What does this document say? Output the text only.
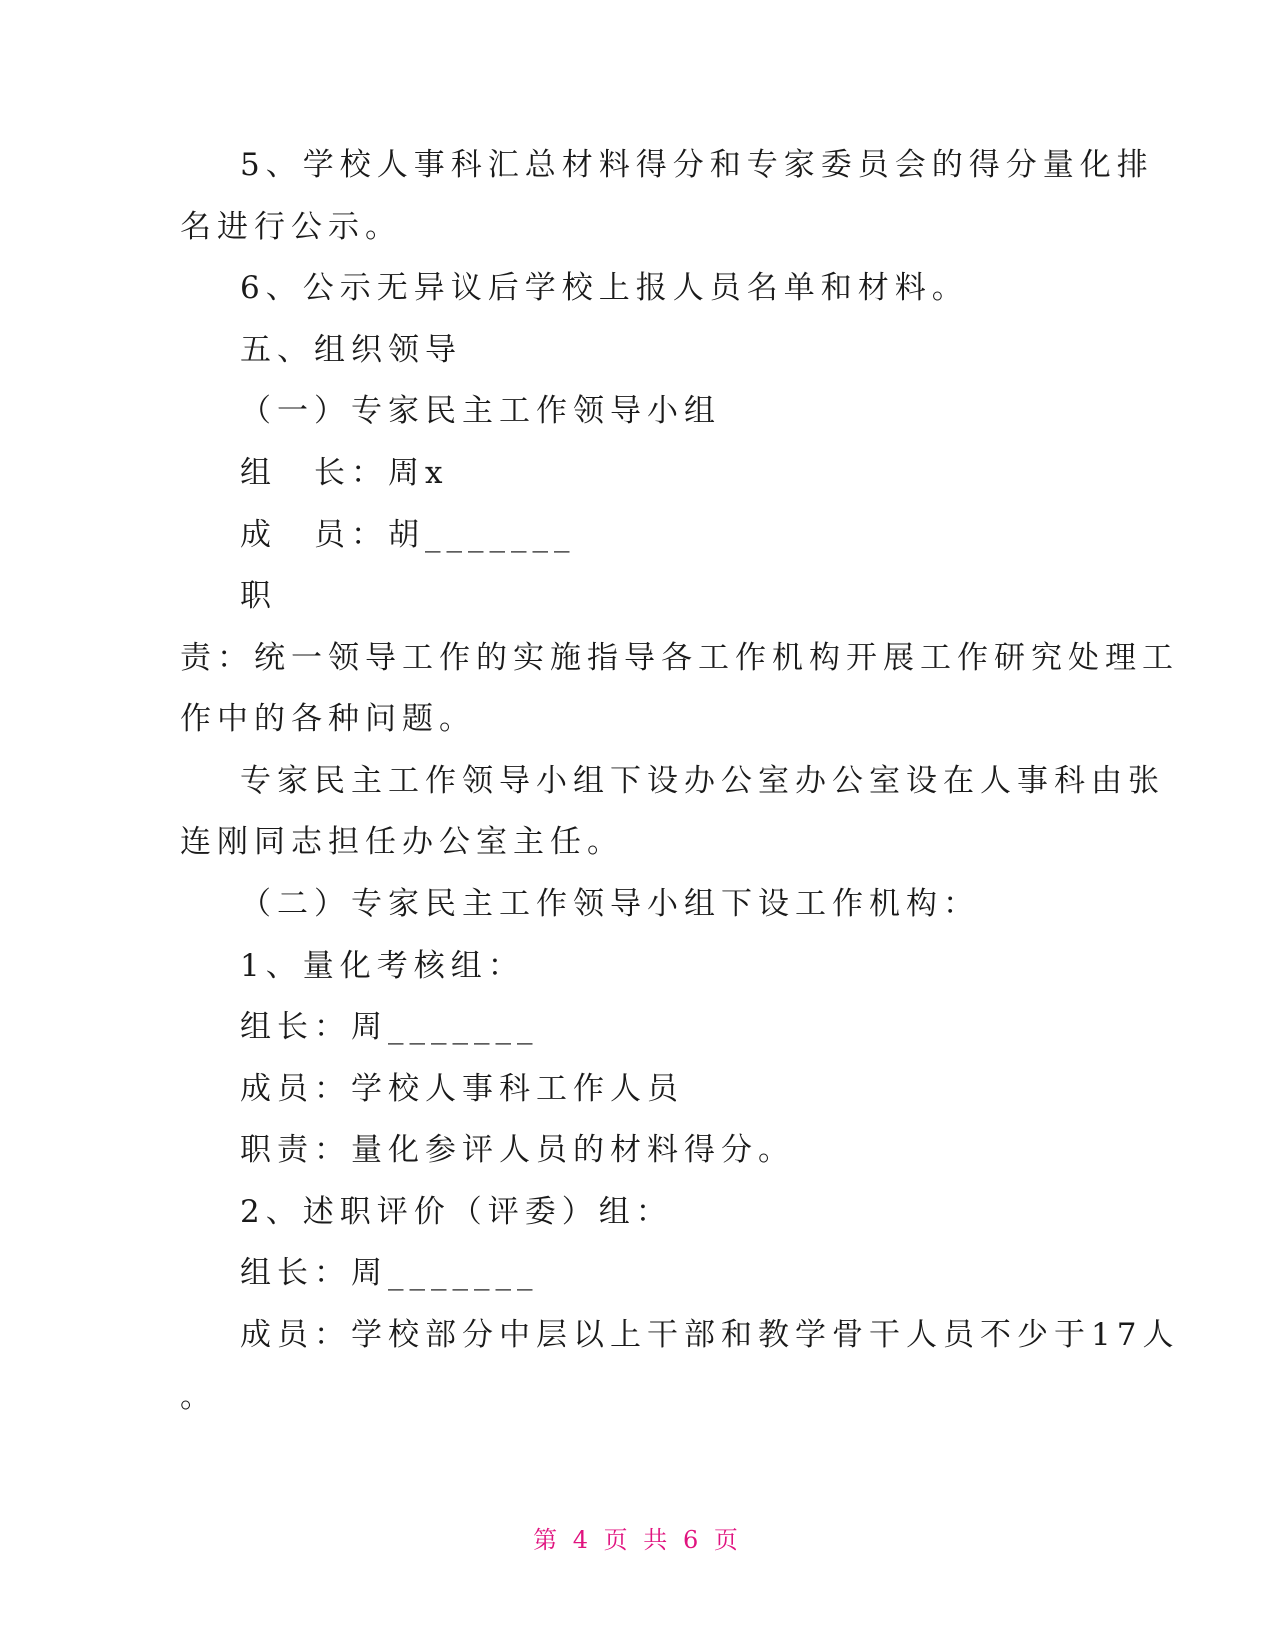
5、学校人事科汇总材料得分和专家委员会的得分量化排
名进行公示。
6、公示无异议后学校上报人员名单和材料。
五、组织领导
（一）专家民主工作领导小组
组　长：周x
成　员：胡_______
职
责：统一领导工作的实施指导各工作机构开展工作研究处理工
作中的各种问题。
专家民主工作领导小组下设办公室办公室设在人事科由张
连刚同志担任办公室主任。
（二）专家民主工作领导小组下设工作机构：
1、量化考核组：
组长：周_______
成员：学校人事科工作人员
职责：量化参评人员的材料得分。
2、述职评价（评委）组：
组长：周_______
成员：学校部分中层以上干部和教学骨干人员不少于17人
。
第 4 页 共 6 页
